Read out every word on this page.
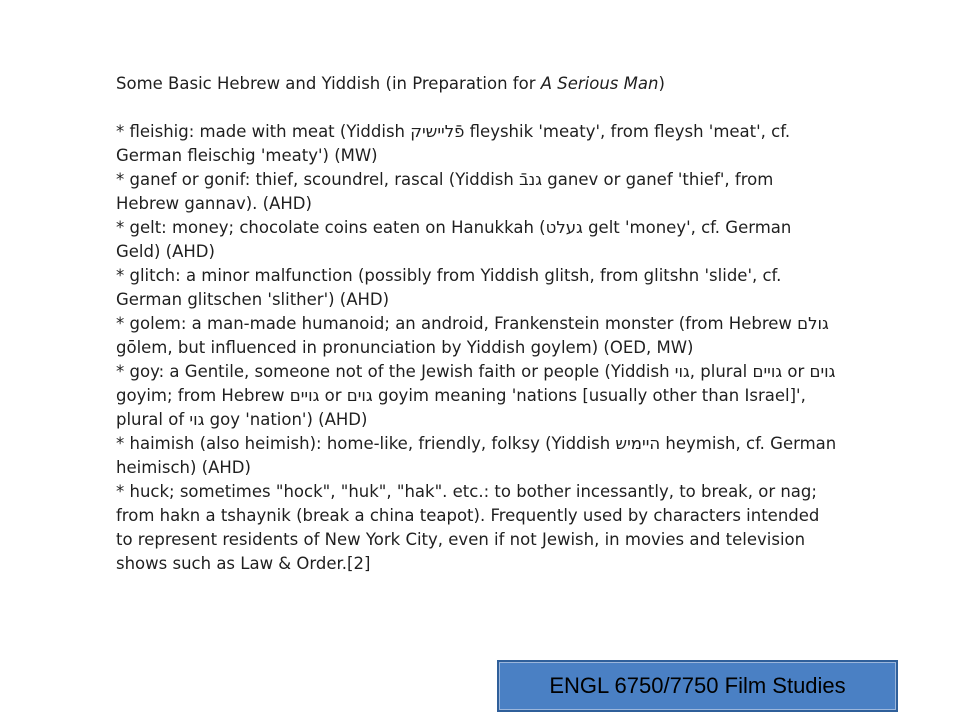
Some Basic Hebrew and Yiddish (in Preparation for A Serious Man)

* fleishig: made with meat (Yiddish פֿליישיק fleyshik 'meaty', from fleysh 'meat', cf. German fleischig 'meaty') (MW)

* ganef or gonif: thief, scoundrel, rascal (Yiddish גנבֿ ganev or ganef 'thief', from Hebrew gannav). (AHD)

* gelt: money; chocolate coins eaten on Hanukkah (געלט gelt 'money', cf. German Geld) (AHD)

* glitch: a minor malfunction (possibly from Yiddish glitsh, from glitshn 'slide', cf. German glitschen 'slither') (AHD)

* golem: a man-made humanoid; an android, Frankenstein monster (from Hebrew גולם gōlem, but influenced in pronunciation by Yiddish goylem) (OED, MW)

* goy: a Gentile, someone not of the Jewish faith or people (Yiddish גוי, plural גויים or גוים goyim; from Hebrew גויים or גוים goyim meaning 'nations [usually other than Israel]', plural of גוי goy 'nation') (AHD)

* haimish (also heimish): home-like, friendly, folksy (Yiddish היימיש heymish, cf. German heimisch) (AHD)

* huck; sometimes "hock", "huk", "hak". etc.: to bother incessantly, to break, or nag; from hakn a tshaynik (break a china teapot). Frequently used by characters intended to represent residents of New York City, even if not Jewish, in movies and television shows such as Law & Order.[2]

ENGL 6750/7750 Film Studies
